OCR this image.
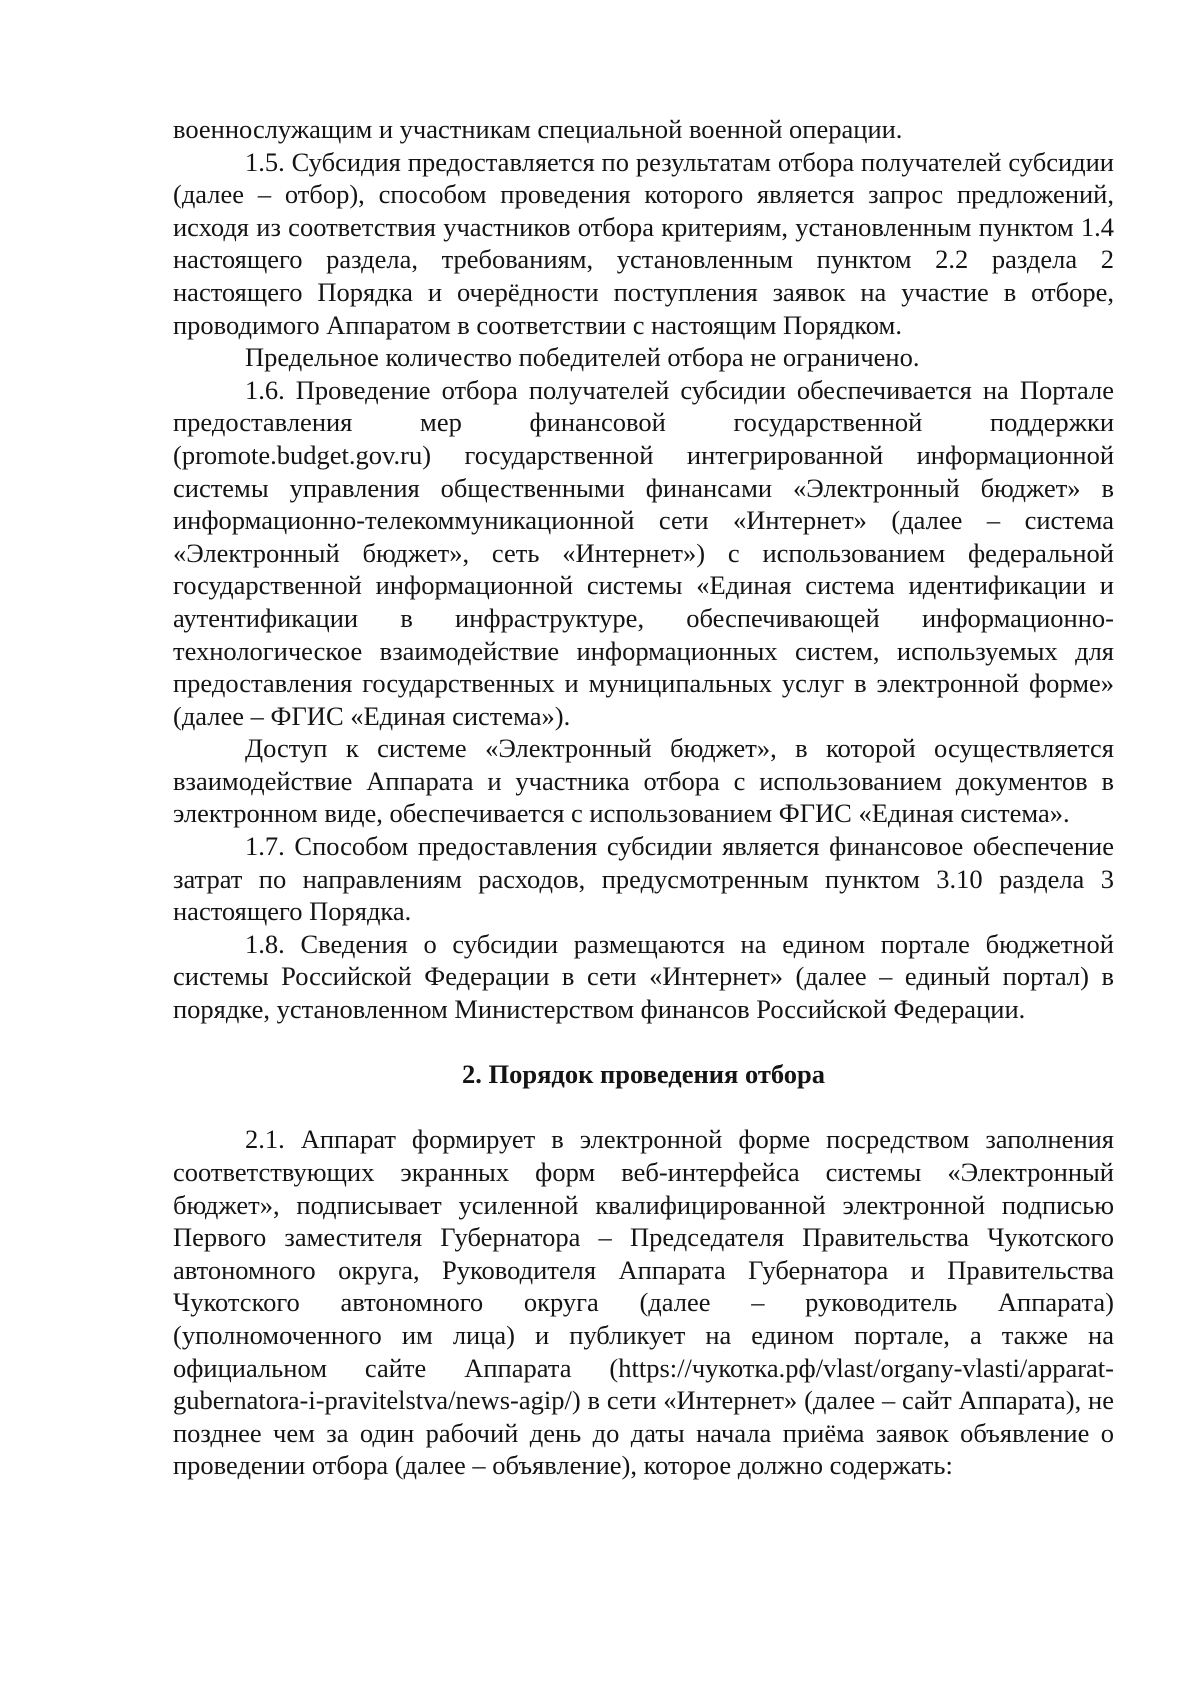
военнослужащим и участникам специальной военной операции.

1.5. Субсидия предоставляется по результатам отбора получателей субсидии (далее – отбор), способом проведения которого является запрос предложений, исходя из соответствия участников отбора критериям, установленным пунктом 1.4 настоящего раздела, требованиям, установленным пунктом 2.2 раздела 2 настоящего Порядка и очерёдности поступления заявок на участие в отборе, проводимого Аппаратом в соответствии с настоящим Порядком.

Предельное количество победителей отбора не ограничено.

1.6. Проведение отбора получателей субсидии обеспечивается на Портале предоставления мер финансовой государственной поддержки (promote.budget.gov.ru) государственной интегрированной информационной системы управления общественными финансами «Электронный бюджет» в информационно-телекоммуникационной сети «Интернет» (далее – система «Электронный бюджет», сеть «Интернет») с использованием федеральной государственной информационной системы «Единая система идентификации и аутентификации в инфраструктуре, обеспечивающей информационно-технологическое взаимодействие информационных систем, используемых для предоставления государственных и муниципальных услуг в электронной форме» (далее – ФГИС «Единая система»).

Доступ к системе «Электронный бюджет», в которой осуществляется взаимодействие Аппарата и участника отбора с использованием документов в электронном виде, обеспечивается с использованием ФГИС «Единая система».

1.7. Способом предоставления субсидии является финансовое обеспечение затрат по направлениям расходов, предусмотренным пунктом 3.10 раздела 3 настоящего Порядка.

1.8. Сведения о субсидии размещаются на едином портале бюджетной системы Российской Федерации в сети «Интернет» (далее – единый портал) в порядке, установленном Министерством финансов Российской Федерации.

2. Порядок проведения отбора

2.1. Аппарат формирует в электронной форме посредством заполнения соответствующих экранных форм веб-интерфейса системы «Электронный бюджет», подписывает усиленной квалифицированной электронной подписью Первого заместителя Губернатора – Председателя Правительства Чукотского автономного округа, Руководителя Аппарата Губернатора и Правительства Чукотского автономного округа (далее – руководитель Аппарата) (уполномоченного им лица) и публикует на едином портале, а также на официальном сайте Аппарата (https://чукотка.рф/vlast/organy-vlasti/apparat-gubernatora-i-pravitelstva/news-agip/) в сети «Интернет» (далее – сайт Аппарата), не позднее чем за один рабочий день до даты начала приёма заявок объявление о проведении отбора (далее – объявление), которое должно содержать:
